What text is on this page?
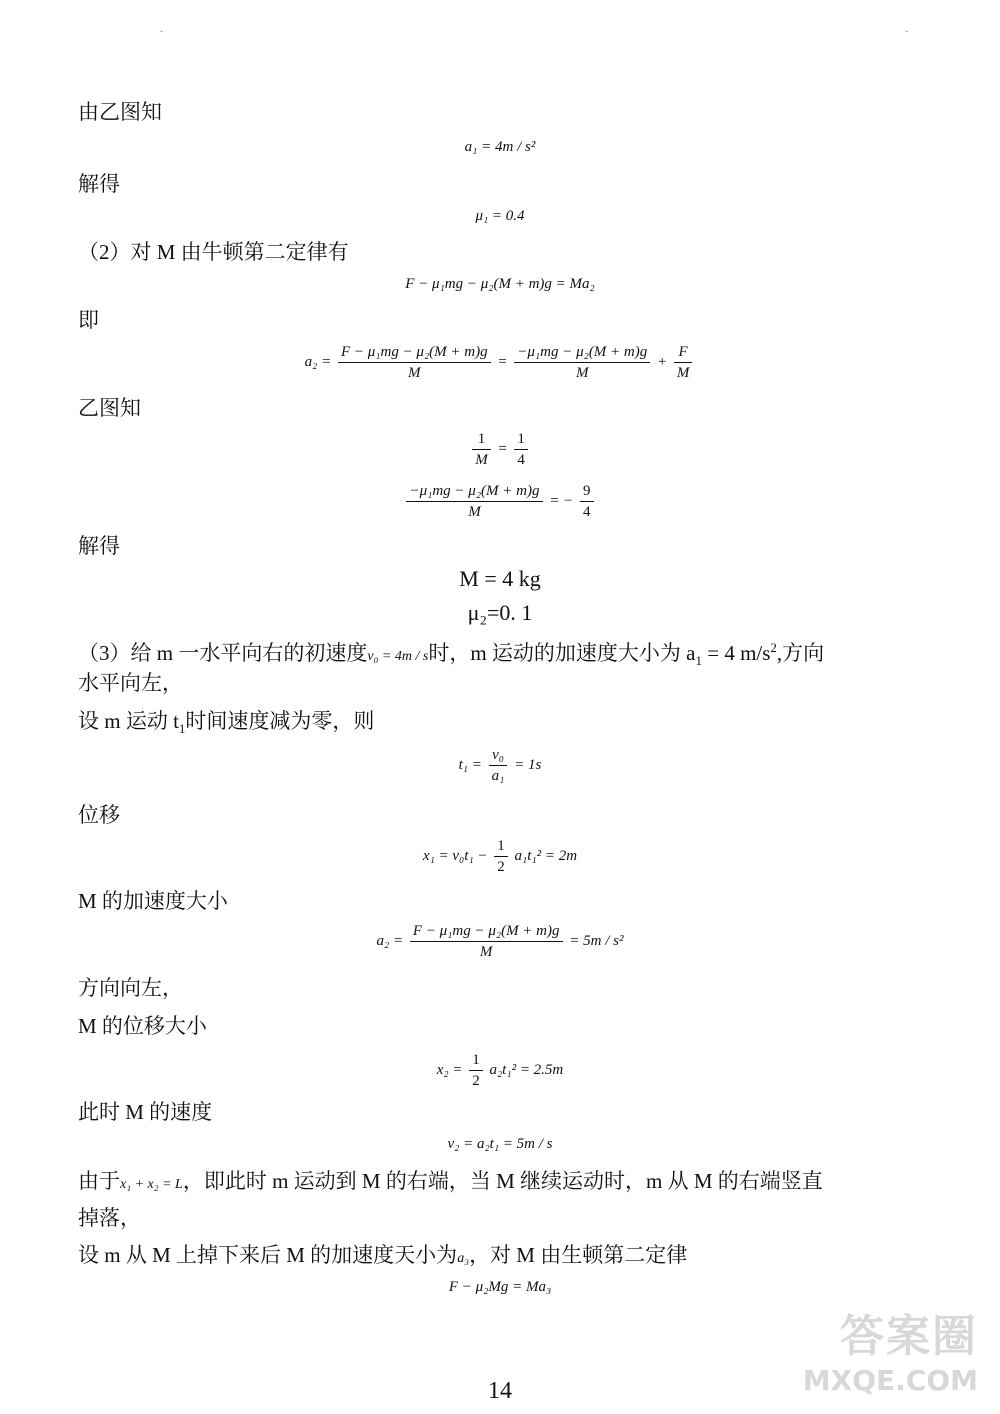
ˇ	ˇ
由乙图知
a₁ = 4m / s²
解得
μ₁ = 0.4
（2）对 M 由牛顿第二定律有
F − μ₁mg − μ₂(M + m)g = Ma₂
即
$a_2 = \frac{\text{F − μ₁mg − μ₂(M + m)g}}{M} = \frac{\text{−μ₁mg − μ₂(M + m)g}}{M} + \frac{F}{M}$
乙图知
$\frac{1}{M} = \frac{1}{4}$
$\frac{\text{−μ₁mg − μ₂(M + m)g}}{M}$ = − $\frac{9}{4}$
解得
M = 4 kg
μ₂=0. 1
（3）给 m 一水平向右的初速度v₀ = 4m / s时，m 运动的加速度大小为 $a_1 = 4$ $m/s^2$,方向
水平向左，
设 m 运动 $t_1$时间速度减为零，则
$t_1 = \frac{\text{v₀}}{\text{a₁}} = 1s$
位移
$x_1 = v_0t_1 - \frac{1}{2} a_1t_1^2 = 2m$
M 的加速度大小
$a_2 = \frac{\text{F − μ₁mg − μ₂(M + m)g}}{M} = 5m / s^2$
方向向左，
M 的位移大小
$x_2 = \frac{1}{2} a_2t_1^2 = 2.5m$
此时 M 的速度
v₂ = a₂t₁ = 5m / s
由于x₁ + x₂ = L，即此时 m 运动到 M 的右端，当 M 继续运动时，m 从 M 的右端竖直
掉落，
设 m 从 M 上掉下来后 M 的加速度天小为a₃，对 M 由生顿第二定律
F − μ₂Mg = Ma₃
14
答案圈
MXQE.COM
